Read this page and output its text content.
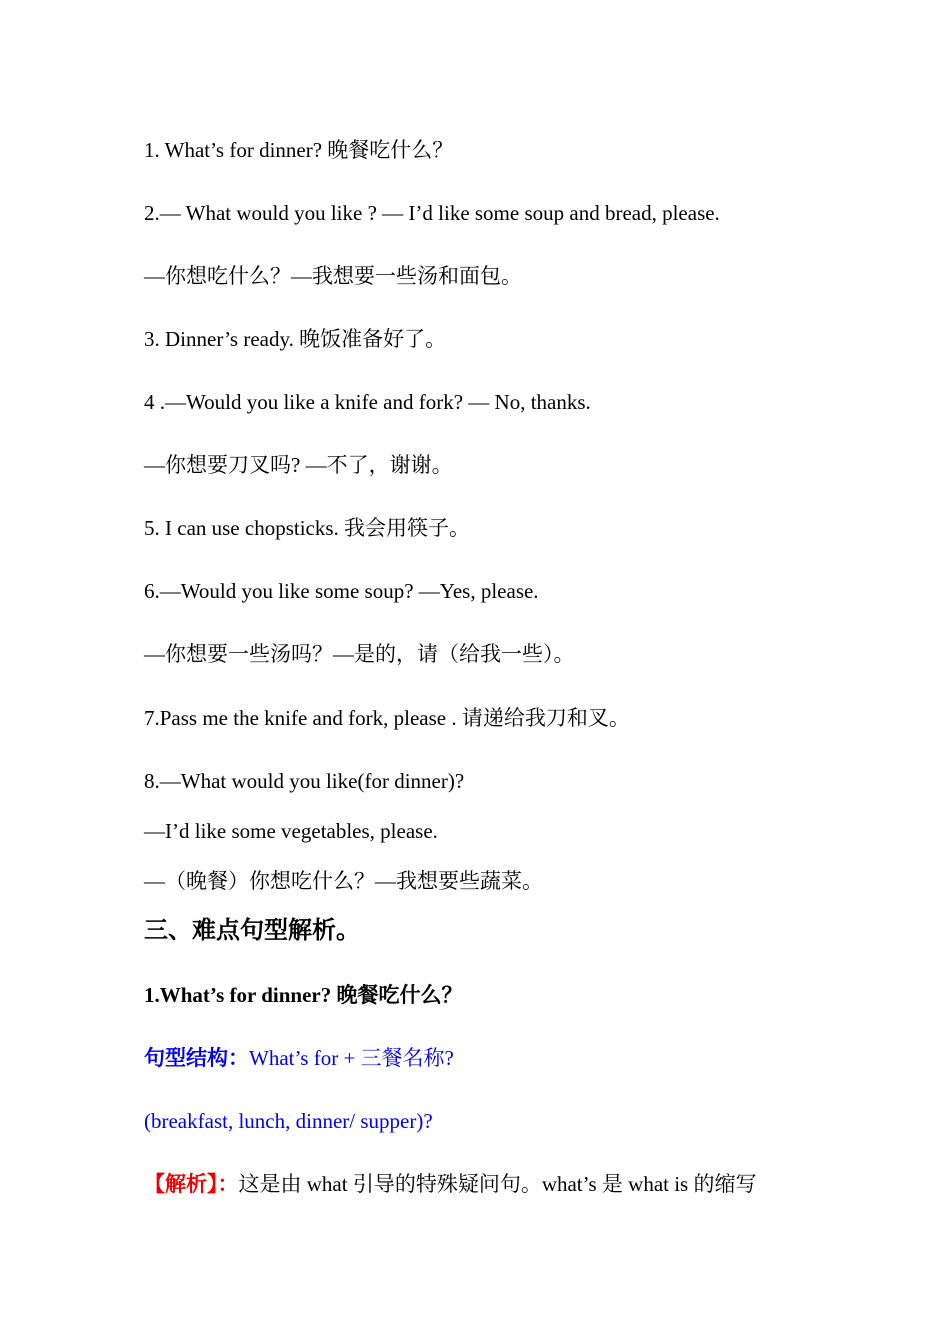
1. What’s for dinner? 晚餐吃什么？
2.— What would you like ? — I’d like some soup and bread, please.
—你想吃什么？—我想要一些汤和面包。
3. Dinner’s ready. 晚饭准备好了。
4 .—Would you like a knife and fork? — No, thanks.
—你想要刀叉吗? —不了，谢谢。
5. I can use chopsticks. 我会用筷子。
6.—Would you like some soup? —Yes, please.
—你想要一些汤吗？—是的，请（给我一些）。
7.Pass me the knife and fork, please . 请递给我刀和叉。
8.—What would you like(for dinner)?
—I’d like some vegetables, please.
—（晚餐）你想吃什么？—我想要些蔬菜。
三、难点句型解析。
1.What’s for dinner? 晚餐吃什么？
句型结构：What’s for + 三餐名称?
(breakfast, lunch, dinner/ supper)?
【解析】：这是由 what 引导的特殊疑问句。what’s 是 what is 的缩写
